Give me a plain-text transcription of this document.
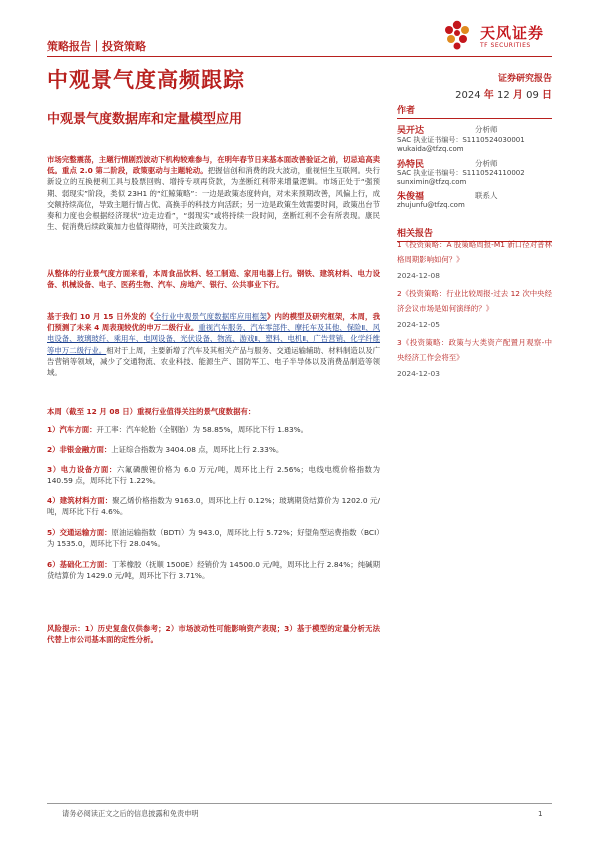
策略报告｜投资策略
天风证券
TF SECURITIES
中观景气度高频跟踪	证券研究报告
2024 年 12 月 09 日
中观景气度数据库和定量模型应用
作者
吴开达	分析师
SAC 执业证书编号：S1110524030001
wukaida@tfzq.com
孙特民	分析师
SAC 执业证书编号：S1110524110002
sunximin@tfzq.com
朱俊福	联系人
zhujunfu@tfzq.com
相关报告
1《投资策略：A 股策略周报-M1 新口径对普林格周期影响如何？》
2024-12-08
2《投资策略：行业比较周报-过去 12 次中央经济会议市场是如何演绎的？》
2024-12-05
3《投资策略：政策与大类资产配置月观察-中央经济工作会将至》
2024-12-03
市场完整震荡，主题行情剧烈波动下机构较难参与，在明年春节日来基本面改善验证之前，切忌追高卖低。重点 2.0 第二阶段，政策驱动与主题轮动。把握信创和消费的段大波动，重视恒生互联网。央行新设立的互换便利工具与股票回购、增持专项再贷款，为垄断红利带来增量逻辑。市场正处于“强预期、弱现实”阶段，类似 23H1 的“红鲸策略”：一边是政策态度转向，对未来预期改善，风偏上行，成交额持续高位，导致主题行情占优、高换手的科技方向活跃；另一边是政策生效需要时间，政策出台节奏和力度也会根据经济现状“边走边看”，“弱现实”或将持续一段时间，垄断红利不会有所表现。康民生、促消费后续政策加力也值得期待，可关注政策发力。
从整体的行业景气度方面来看，本周食品饮料、轻工制造、家用电器上行。钢铁、建筑材料、电力设备、机械设备、电子、医药生物、汽车、房地产、银行、公共事业下行。
基于我们 10 月 15 日外发的《全行业中观景气度数据库应用框架》内的模型及研究框架，本周，我们预测了未来 4 周表现较优的申万二级行业。重视汽车服务、汽车零部件、摩托车及其他、保险Ⅱ、风电设备、玻璃玻纤、乘用车、电网设备、光伏设备、物流、游戏Ⅱ、塑料、电机Ⅱ、广告营销、化学纤维等申万二级行业。相对于上周，主要新增了汽车及其相关产品与服务、交通运输辅助、材料制造以及广告营销等领域，减少了交通物流、农业科技、能源生产、国防军工、电子半导体以及消费品制造等领域。
本周（截至 12 月 08 日）重视行业值得关注的景气度数据有：
1）汽车方面：开工率：汽车轮胎（全钢胎）为 58.85%，周环比下行 1.83%。
2）非银金融方面：上证综合指数为 3404.08 点，周环比上行 2.33%。
3）电力设备方面：六氟磷酸锂价格为 6.0 万元/吨，周环比上行 2.56%；电线电缆价格指数为 140.59 点，周环比下行 1.22%。
4）建筑材料方面：聚乙烯价格指数为 9163.0，周环比上行 0.12%；玻璃期货结算价为 1202.0 元/吨，周环比下行 4.6%。
5）交通运输方面：原油运输指数（BDTI）为 943.0，周环比上行 5.72%；好望角型运费指数（BCI）为 1535.0，周环比下行 28.04%。
6）基础化工方面：丁苯橡胶（抚顺 1500E）经销价为 14500.0 元/吨，周环比上行 2.84%；纯碱期货结算价为 1429.0 元/吨，周环比下行 3.71%。
风险提示：1）历史复盘仅供参考；2）市场波动性可能影响资产表现；3）基于模型的定量分析无法代替上市公司基本面的定性分析。
请务必阅读正文之后的信息披露和免责申明	1
